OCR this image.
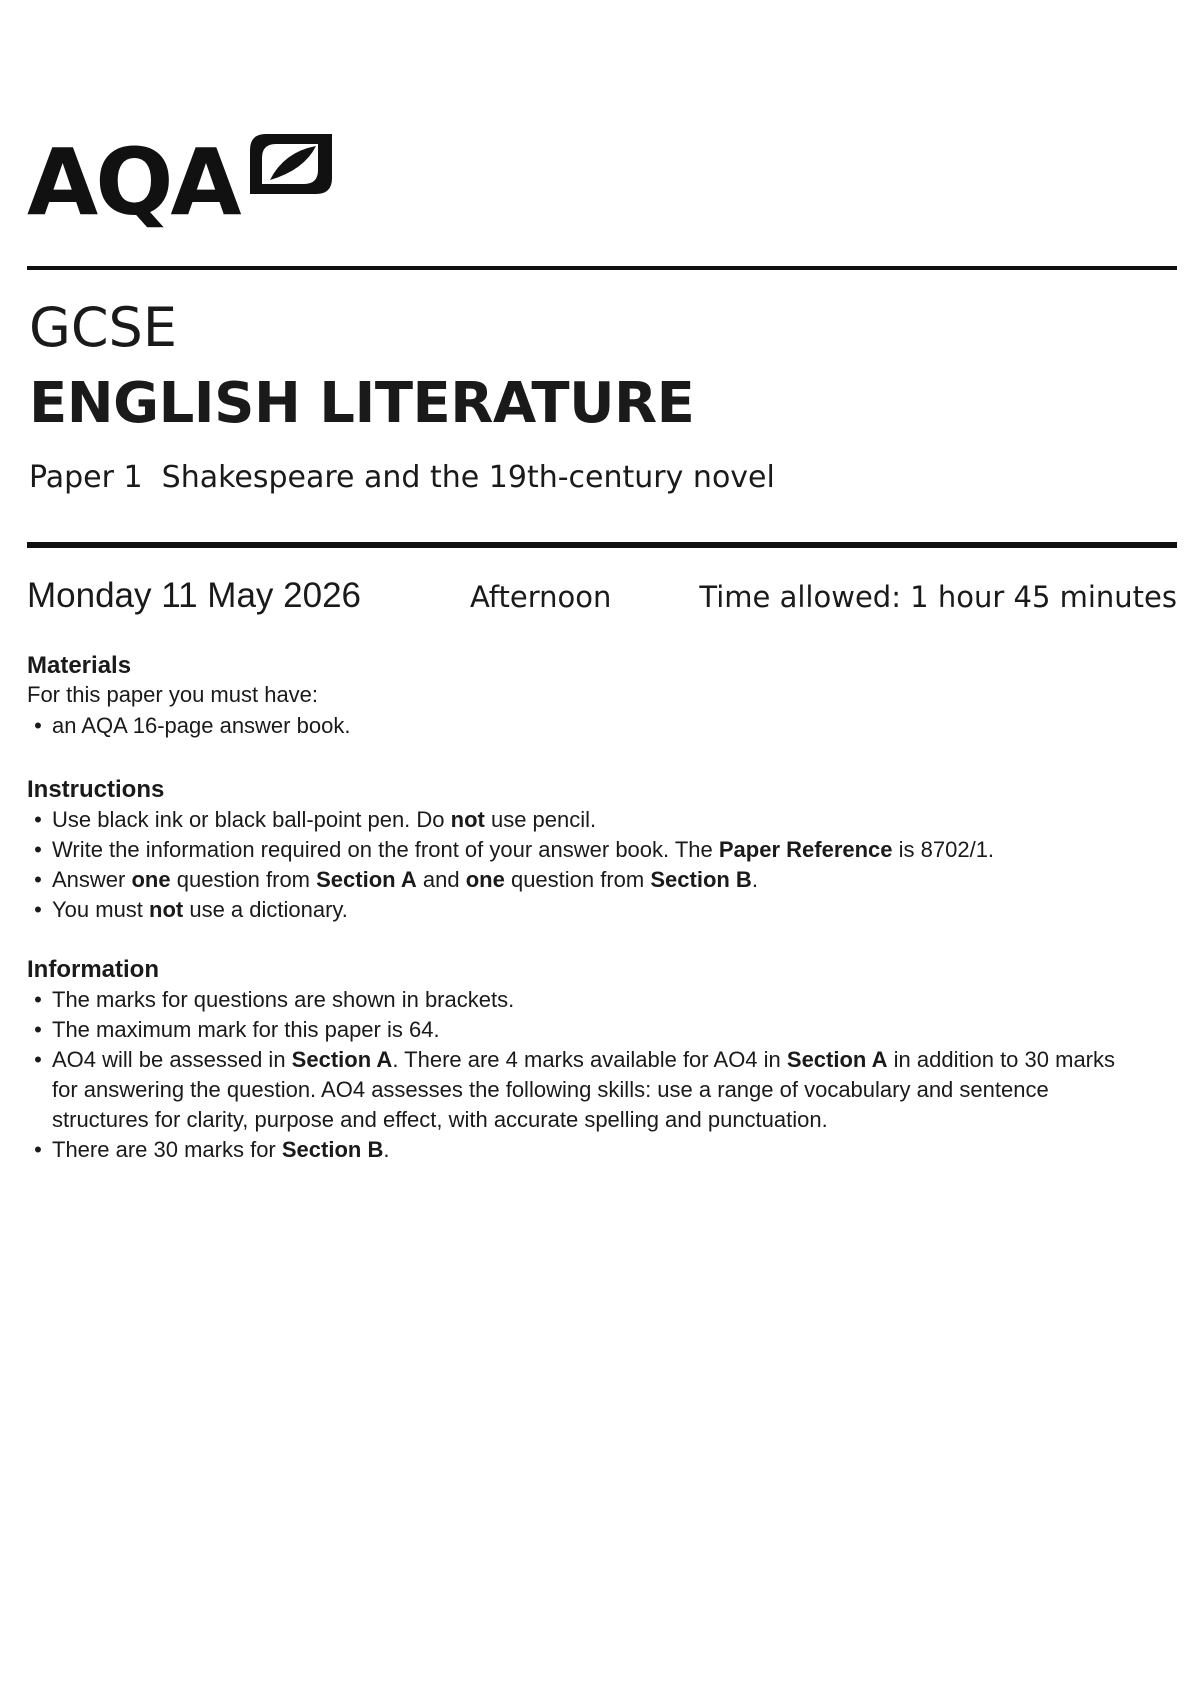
AQA
GCSE
ENGLISH LITERATURE
Paper 1  Shakespeare and the 19th-century novel
Monday 11 May 2026	Afternoon	Time allowed: 1 hour 45 minutes
Materials
For this paper you must have:
• an AQA 16-page answer book.
Instructions
• Use black ink or black ball-point pen. Do not use pencil.
• Write the information required on the front of your answer book. The Paper Reference is 8702/1.
• Answer one question from Section A and one question from Section B.
• You must not use a dictionary.
Information
• The marks for questions are shown in brackets.
• The maximum mark for this paper is 64.
• AO4 will be assessed in Section A. There are 4 marks available for AO4 in Section A in addition to 30 marks for answering the question. AO4 assesses the following skills: use a range of vocabulary and sentence structures for clarity, purpose and effect, with accurate spelling and punctuation.
• There are 30 marks for Section B.
